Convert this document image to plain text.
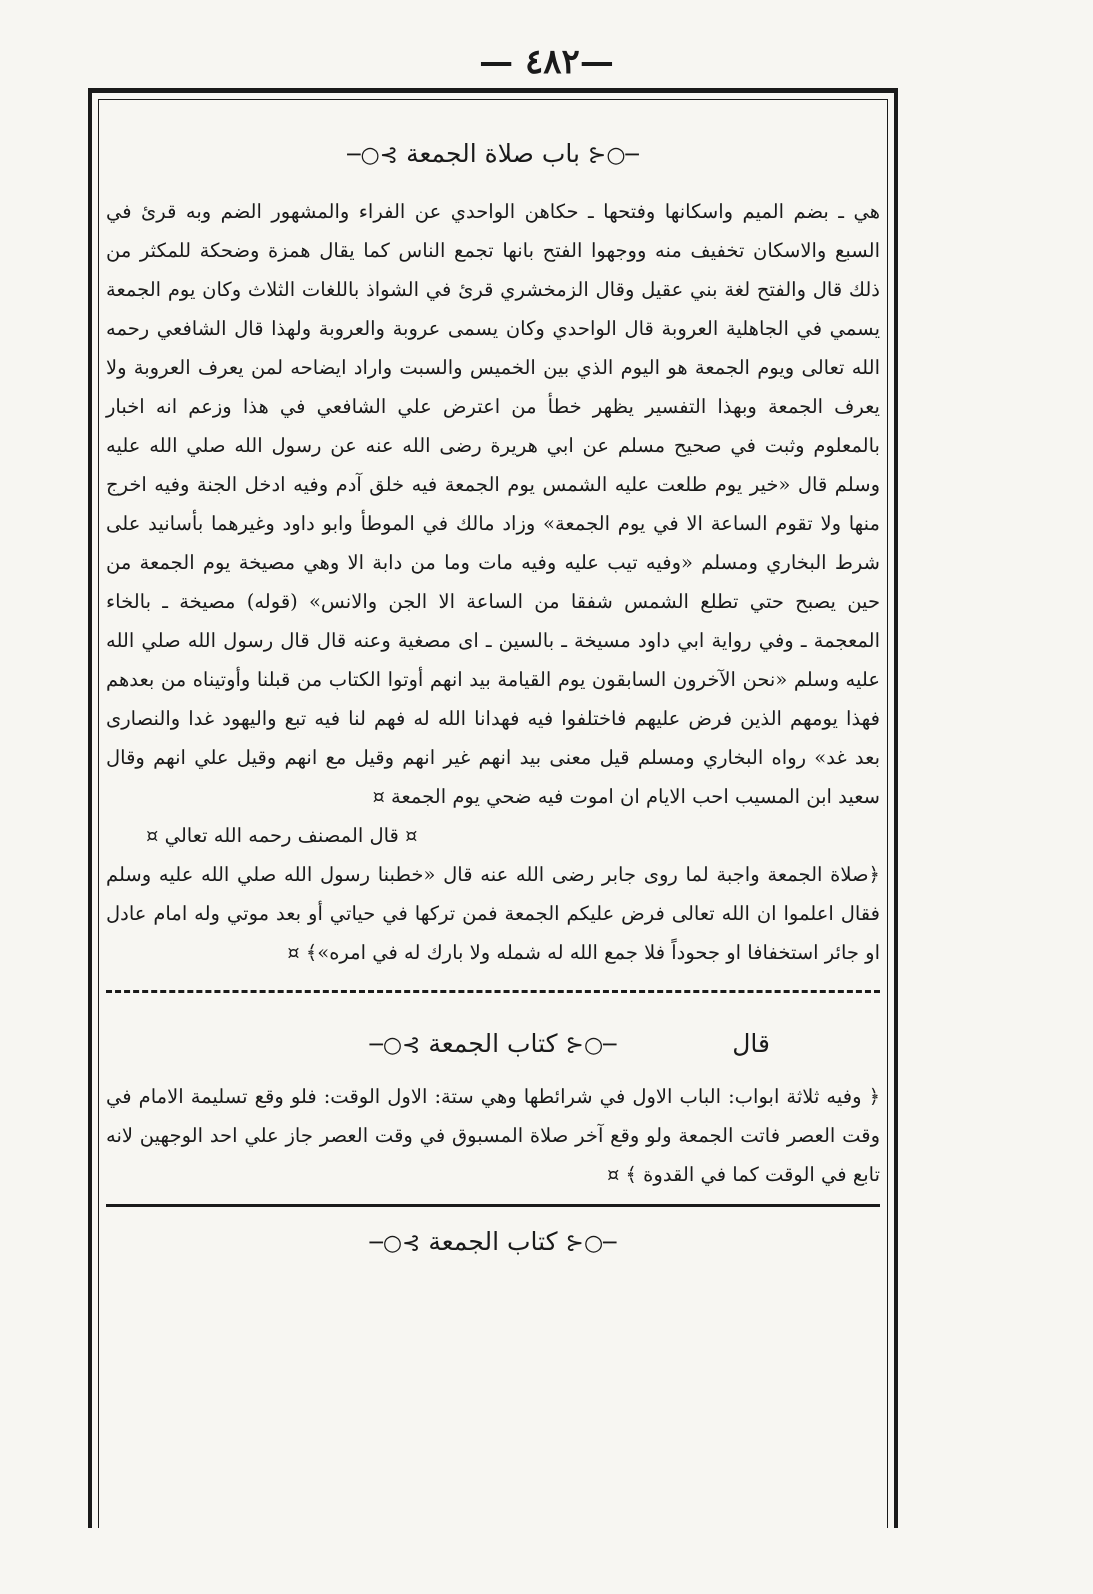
— ٤٨٢—
─○⊰ باب صلاة الجمعة ⊱○─

هي ـ بضم الميم واسكانها وفتحها ـ حكاهن الواحدي عن الفراء والمشهور الضم وبه قرئ في السبع والاسكان تخفيف منه ووجهوا الفتح بانها تجمع الناس كما يقال همزة وضحكة للمكثر من ذلك قال والفتح لغة بني عقيل وقال الزمخشري قرئ في الشواذ باللغات الثلاث وكان يوم الجمعة يسمي في الجاهلية العروبة قال الواحدي وكان يسمى عروبة والعروبة ولهذا قال الشافعي رحمه الله تعالى ويوم الجمعة هو اليوم الذي بين الخميس والسبت واراد ايضاحه لمن يعرف العروبة ولا يعرف الجمعة وبهذا التفسير يظهر خطأ من اعترض علي الشافعي في هذا وزعم انه اخبار بالمعلوم وثبت في صحيح مسلم عن ابي هريرة رضى الله عنه عن رسول الله صلي الله عليه وسلم قال «خير يوم طلعت عليه الشمس يوم الجمعة فيه خلق آدم وفيه ادخل الجنة وفيه اخرج منها ولا تقوم الساعة الا في يوم الجمعة» وزاد مالك في الموطأ وابو داود وغيرهما بأسانيد على شرط البخاري ومسلم «وفيه تيب عليه وفيه مات وما من دابة الا وهي مصيخة يوم الجمعة من حين يصبح حتي تطلع الشمس شفقا من الساعة الا الجن والانس» (قوله) مصيخة ـ بالخاء المعجمة ـ وفي رواية ابي داود مسيخة ـ بالسين ـ اى مصغية وعنه قال قال رسول الله صلي الله عليه وسلم «نحن الآخرون السابقون يوم القيامة بيد انهم أوتوا الكتاب من قبلنا وأوتيناه من بعدهم فهذا يومهم الذين فرض عليهم فاختلفوا فيه فهدانا الله له فهم لنا فيه تبع واليهود غدا والنصارى بعد غد» رواه البخاري ومسلم قيل معنى بيد انهم غير انهم وقيل مع انهم وقيل علي انهم وقال سعيد ابن المسيب احب الايام ان اموت فيه ضحي يوم الجمعة ¤

¤ قال المصنف رحمه الله تعالي ¤

﴿صلاة الجمعة واجبة لما روى جابر رضى الله عنه قال «خطبنا رسول الله صلي الله عليه وسلم فقال اعلموا ان الله تعالى فرض عليكم الجمعة فمن تركها في حياتي أو بعد موتي وله امام عادل او جائر استخفافا او جحوداً فلا جمع الله له شمله ولا بارك له في امره»﴾ ¤

قال
─○⊰ كتاب الجمعة ⊱○─

﴿ وفيه ثلاثة ابواب: الباب الاول في شرائطها وهي ستة: الاول الوقت: فلو وقع تسليمة الامام في وقت العصر فاتت الجمعة ولو وقع آخر صلاة المسبوق في وقت العصر جاز علي احد الوجهين لانه تابع في الوقت كما في القدوة ﴾ ¤

─○⊰ كتاب الجمعة ⊱○─
